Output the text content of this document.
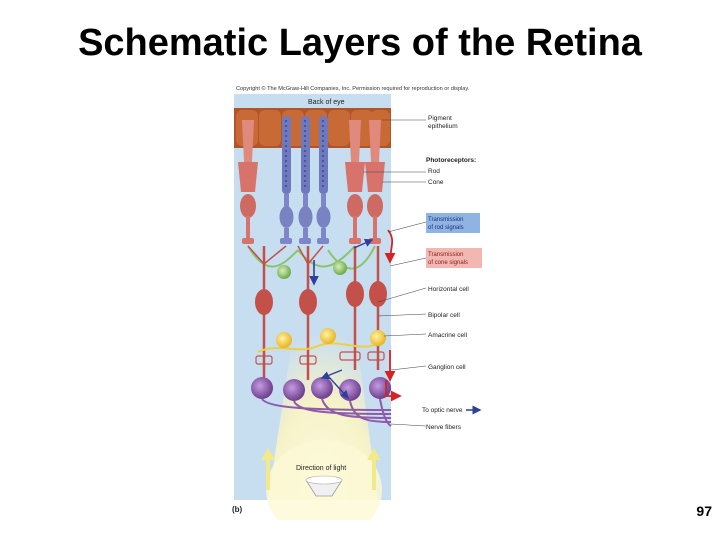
Schematic Layers of the Retina
Copyright © The McGraw-Hill Companies, Inc. Permission required for reproduction or display.
Back of eye
Direction of light
Pigment
epithelium
Photoreceptors:
Rod
Cone
Transmission
of rod signals
Transmission
of cone signals
Horizontal cell
Bipolar cell
Amacrine cell
Ganglion cell
To optic nerve
Nerve fibers
(b)	97
